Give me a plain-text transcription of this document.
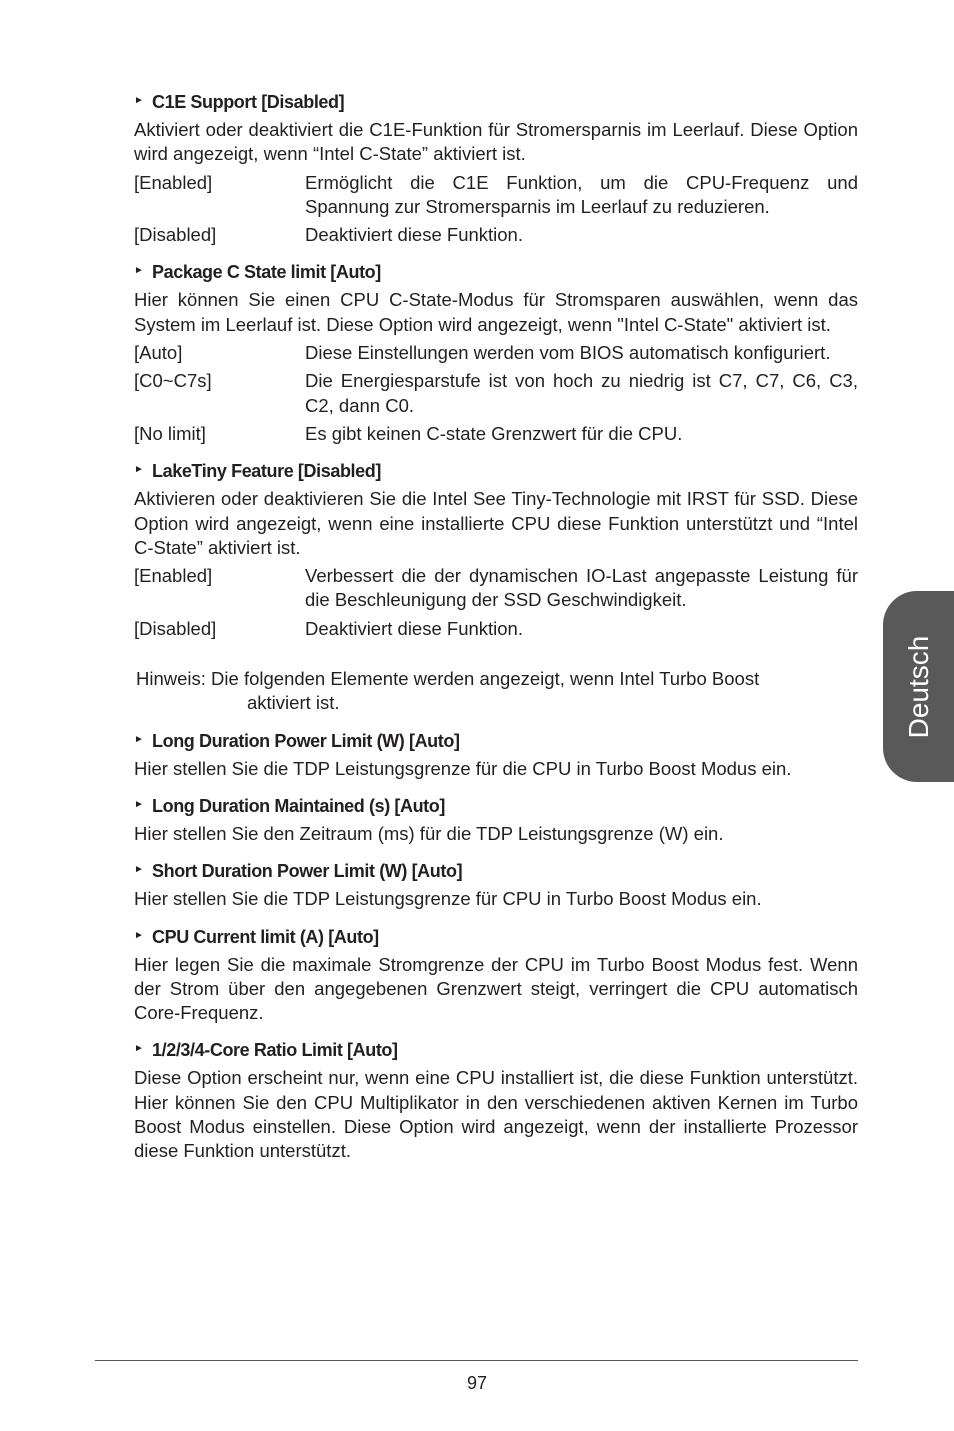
Deutsch
► C1E Support [Disabled]

Aktiviert oder deaktiviert die C1E-Funktion für Stromersparnis im Leerlauf. Diese Option wird angezeigt, wenn “Intel C-State” aktiviert ist.

[Enabled]	Ermöglicht die C1E Funktion, um die CPU-Frequenz und Spannung zur Stromersparnis im Leerlauf zu reduzieren.
[Disabled]	Deaktiviert diese Funktion.
► Package C State limit [Auto]

Hier können Sie einen CPU C-State-Modus für Stromsparen auswählen, wenn das System im Leerlauf ist. Diese Option wird angezeigt, wenn "Intel C-State" aktiviert ist.

[Auto]	Diese Einstellungen werden vom BIOS automatisch konfiguriert.
[C0~C7s]	Die Energiesparstufe ist von hoch zu niedrig ist C7, C7, C6, C3, C2, dann C0.
[No limit]	Es gibt keinen C-state Grenzwert für die CPU.
► LakeTiny Feature [Disabled]

Aktivieren oder deaktivieren Sie die Intel See Tiny-Technologie mit IRST für SSD. Diese Option wird angezeigt, wenn eine installierte CPU diese Funktion unterstützt und “Intel C-State” aktiviert ist.

[Enabled]	Verbessert die der dynamischen IO-Last angepasste Leistung für die Beschleunigung der SSD Geschwindigkeit.
[Disabled]	Deaktiviert diese Funktion.
Hinweis: Die folgenden Elemente werden angezeigt, wenn Intel Turbo Boost
aktiviert ist.
► Long Duration Power Limit (W) [Auto]

Hier stellen Sie die TDP Leistungsgrenze für die CPU in Turbo Boost Modus ein.

► Long Duration Maintained (s) [Auto]

Hier stellen Sie den Zeitraum (ms) für die TDP Leistungsgrenze (W) ein.

► Short Duration Power Limit (W) [Auto]

Hier stellen Sie die TDP Leistungsgrenze für CPU in Turbo Boost Modus ein.

► CPU Current limit (A) [Auto]

Hier legen Sie die maximale Stromgrenze der CPU im Turbo Boost Modus fest. Wenn der Strom über den angegebenen Grenzwert steigt, verringert die CPU automatisch Core-Frequenz.

► 1/2/3/4-Core Ratio Limit [Auto]

Diese Option erscheint nur, wenn eine CPU installiert ist, die diese Funktion unterstützt. Hier können Sie den CPU Multiplikator in den verschiedenen aktiven Kernen im Turbo Boost Modus einstellen. Diese Option wird angezeigt, wenn der installierte Prozessor diese Funktion unterstützt.

97
